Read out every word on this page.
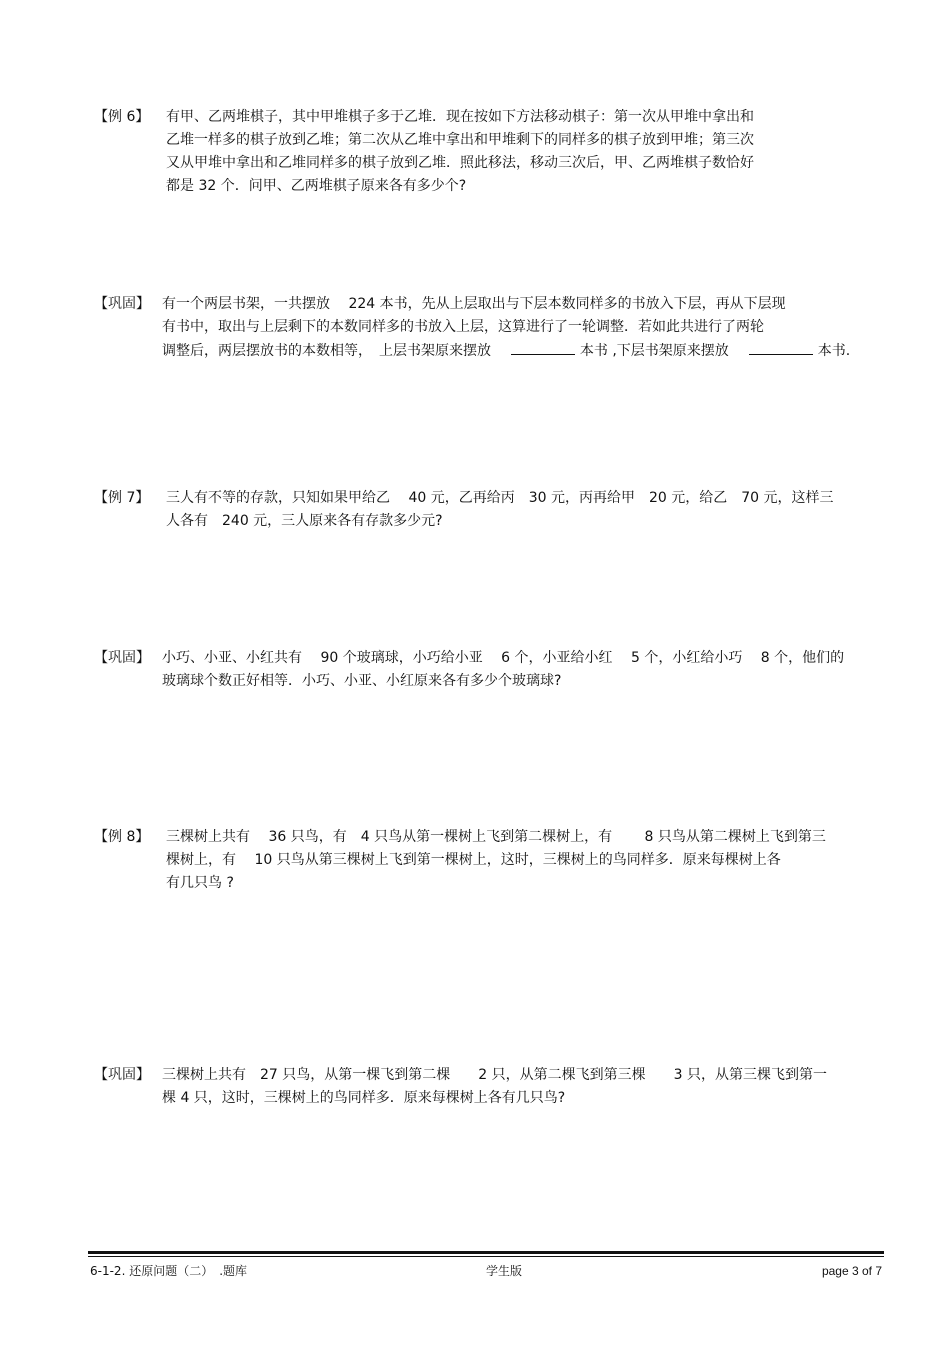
【例 6】 有甲、乙两堆棋子，其中甲堆棋子多于乙堆．现在按如下方法移动棋子：第一次从甲堆中拿出和
乙堆一样多的棋子放到乙堆；第二次从乙堆中拿出和甲堆剩下的同样多的棋子放到甲堆；第三次
又从甲堆中拿出和乙堆同样多的棋子放到乙堆．照此移法，移动三次后，甲、乙两堆棋子数恰好
都是 32 个．问甲、乙两堆棋子原来各有多少个?
【巩固】 有一个两层书架，一共摆放　 224 本书，先从上层取出与下层本数同样多的书放入下层，再从下层现
有书中，取出与上层剩下的本数同样多的书放入上层，这算进行了一轮调整．若如此共进行了两轮
调整后，两层摆放书的本数相等，　上层书架原来摆放	本书 ,下层书架原来摆放	本书.
【例 7】 三人有不等的存款，只知如果甲给乙　 40 元，乙再给丙　30 元，丙再给甲　20 元，给乙　70 元，这样三
人各有　240 元，三人原来各有存款多少元?
【巩固】 小巧、小亚、小红共有　 90 个玻璃球，小巧给小亚　 6 个，小亚给小红　 5 个，小红给小巧　 8 个，他们的
玻璃球个数正好相等．小巧、小亚、小红原来各有多少个玻璃球?
【例 8】 三棵树上共有　 36 只鸟，有　4 只鸟从第一棵树上飞到第二棵树上，有　　 8 只鸟从第二棵树上飞到第三
棵树上，有　 10 只鸟从第三棵树上飞到第一棵树上，这时，三棵树上的鸟同样多．原来每棵树上各
有几只鸟 ?
【巩固】 三棵树上共有　27 只鸟，从第一棵飞到第二棵　　2 只，从第二棵飞到第三棵　　3 只，从第三棵飞到第一
棵 4 只，这时，三棵树上的鸟同样多．原来每棵树上各有几只鸟?
6-1-2. 还原问题（二）　.题库	学生版	page 3 of 7
